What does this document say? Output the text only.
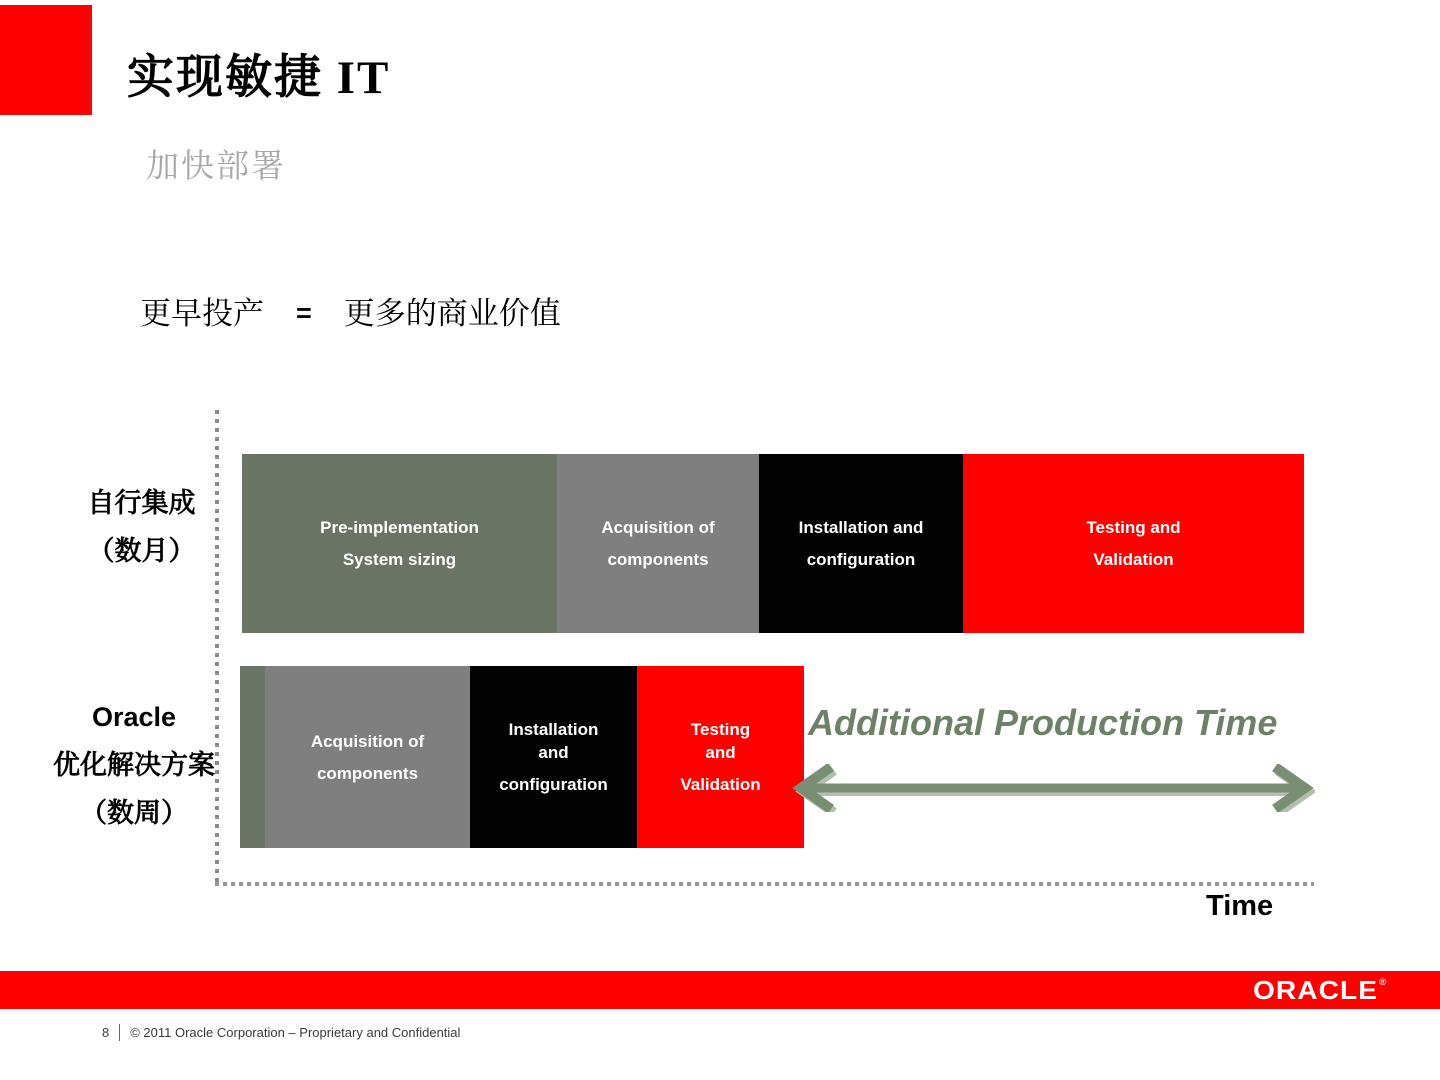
实现敏捷 IT
加快部署
更早投产 = 更多的商业价值
自行集成
（数月）
Oracle
优化解决方案
（数周）
Pre-implementation
System sizing
Acquisition of
components
Installation and
configuration
Testing and
Validation
Acquisition of
components
Installation
and
configuration
Testing
and
Validation
Additional Production Time
Time
ORACLE®
8 © 2011 Oracle Corporation – Proprietary and Confidential
